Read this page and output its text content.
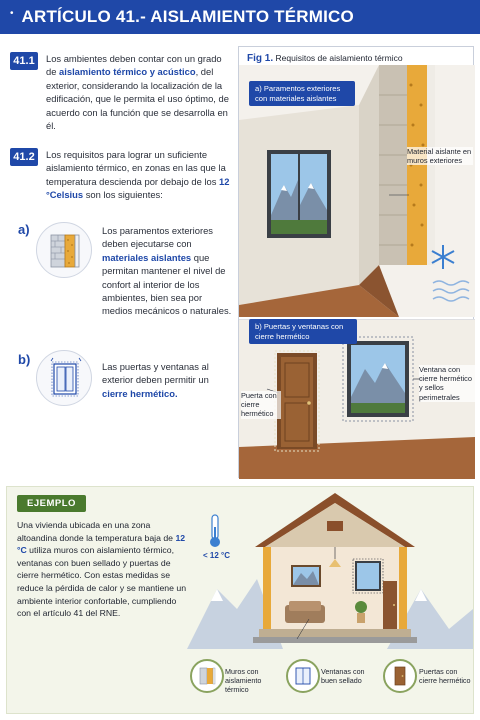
• ARTÍCULO 41.- AISLAMIENTO TÉRMICO
41.1	Los ambientes deben contar con un grado de aislamiento térmico y acústico, del exterior, considerando la localización de la edificación, que le permita el uso óptimo, de acuerdo con la función que se desarrolla en él.
41.2	Los requisitos para lograr un suficiente aislamiento térmico, en zonas en las que la temperatura descienda por debajo de los 12 °Celsius son los siguientes:
a)	Los paramentos exteriores deben ejecutarse con materiales aislantes que permitan mantener el nivel de confort al interior de los ambientes, bien sea por medios mecánicos o naturales.
b)	Las puertas y ventanas al exterior deben permitir un cierre hermético.
Fig 1. Requisitos de aislamiento térmico
a) Paramentos exteriores con materiales aislantes
Material aislante en muros exteriores
b) Puertas y ventanas con cierre hermético
Puerta con cierre hermético
Ventana con cierre hermético y sellos perimetrales
EJEMPLO
Una vivienda ubicada en una zona altoandina donde la temperatura baja de 12 °C utiliza muros con aislamiento térmico, ventanas con buen sellado y puertas de cierre hermético. Con estas medidas se reduce la pérdida de calor y se mantiene un ambiente interior confortable, cumpliendo con el artículo 41 del RNE.
< 12 °C
Muros con aislamiento térmico
Ventanas con buen sellado
Puertas con cierre hermético
